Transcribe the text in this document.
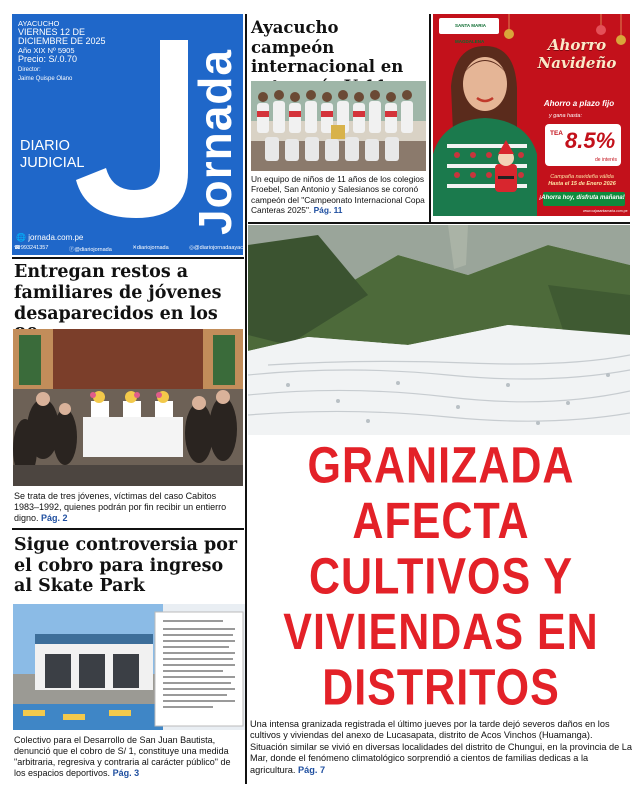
AYACUCHO
VIERNES 12 DE
DICIEMBRE DE 2025
Año XIX Nº 5905
Precio: S/.0.70
Director:
Jaime Quispe Olano	Jornada
DIARIO
JUDICIAL
🌐 jornada.com.pe
☎993241357	Ⓕ@diariojornada	✕diariojornada	◎@diariojornadaayac
Ayacucho campeón internacional en
Un equipo de niños de 11 años de los colegios Froebel, San Antonio y Salesianos se coronó campeón del "Campeonato Internacional Copa Canteras 2025". Pág. 11
SANTA MARIA MAGDALENA	Ahorro Navideño
Ahorro a plazo fijo
y gana hasta:
TEA 8.5%
de interés
Campaña navideña válida
Hasta el 15 de Enero 2026
¡Ahorra hoy, disfruta mañana!
www.cajasantamaria.com.pe
Entregan restos a familiares de jóvenes desaparecidos en los
Se trata de tres jóvenes, víctimas del caso Cabitos 1983–1992, quienes podrán por fin recibir un entierro digno. Pág. 2
Sigue controversia por el cobro para ingreso al Skate Park
Colectivo para el Desarrollo de San Juan Bautista, denunció que el cobro de S/ 1, constituye una medida "arbitraria, regresiva y contraria al carácter público" de los espacios deportivos. Pág. 3
GRANIZADA
AFECTA
CULTIVOS Y
VIVIENDAS EN
DISTRITOS
Una intensa granizada registrada el último jueves por la tarde dejó severos daños en los cultivos y viviendas del anexo de Lucasapata, distrito de Acos Vinchos (Huamanga). Situación similar se vivió en diversas localidades del distrito de Chungui, en la provincia de La Mar, donde el fenómeno climatológico sorprendió a cientos de familias dedicas a la agricultura. Pág. 7
